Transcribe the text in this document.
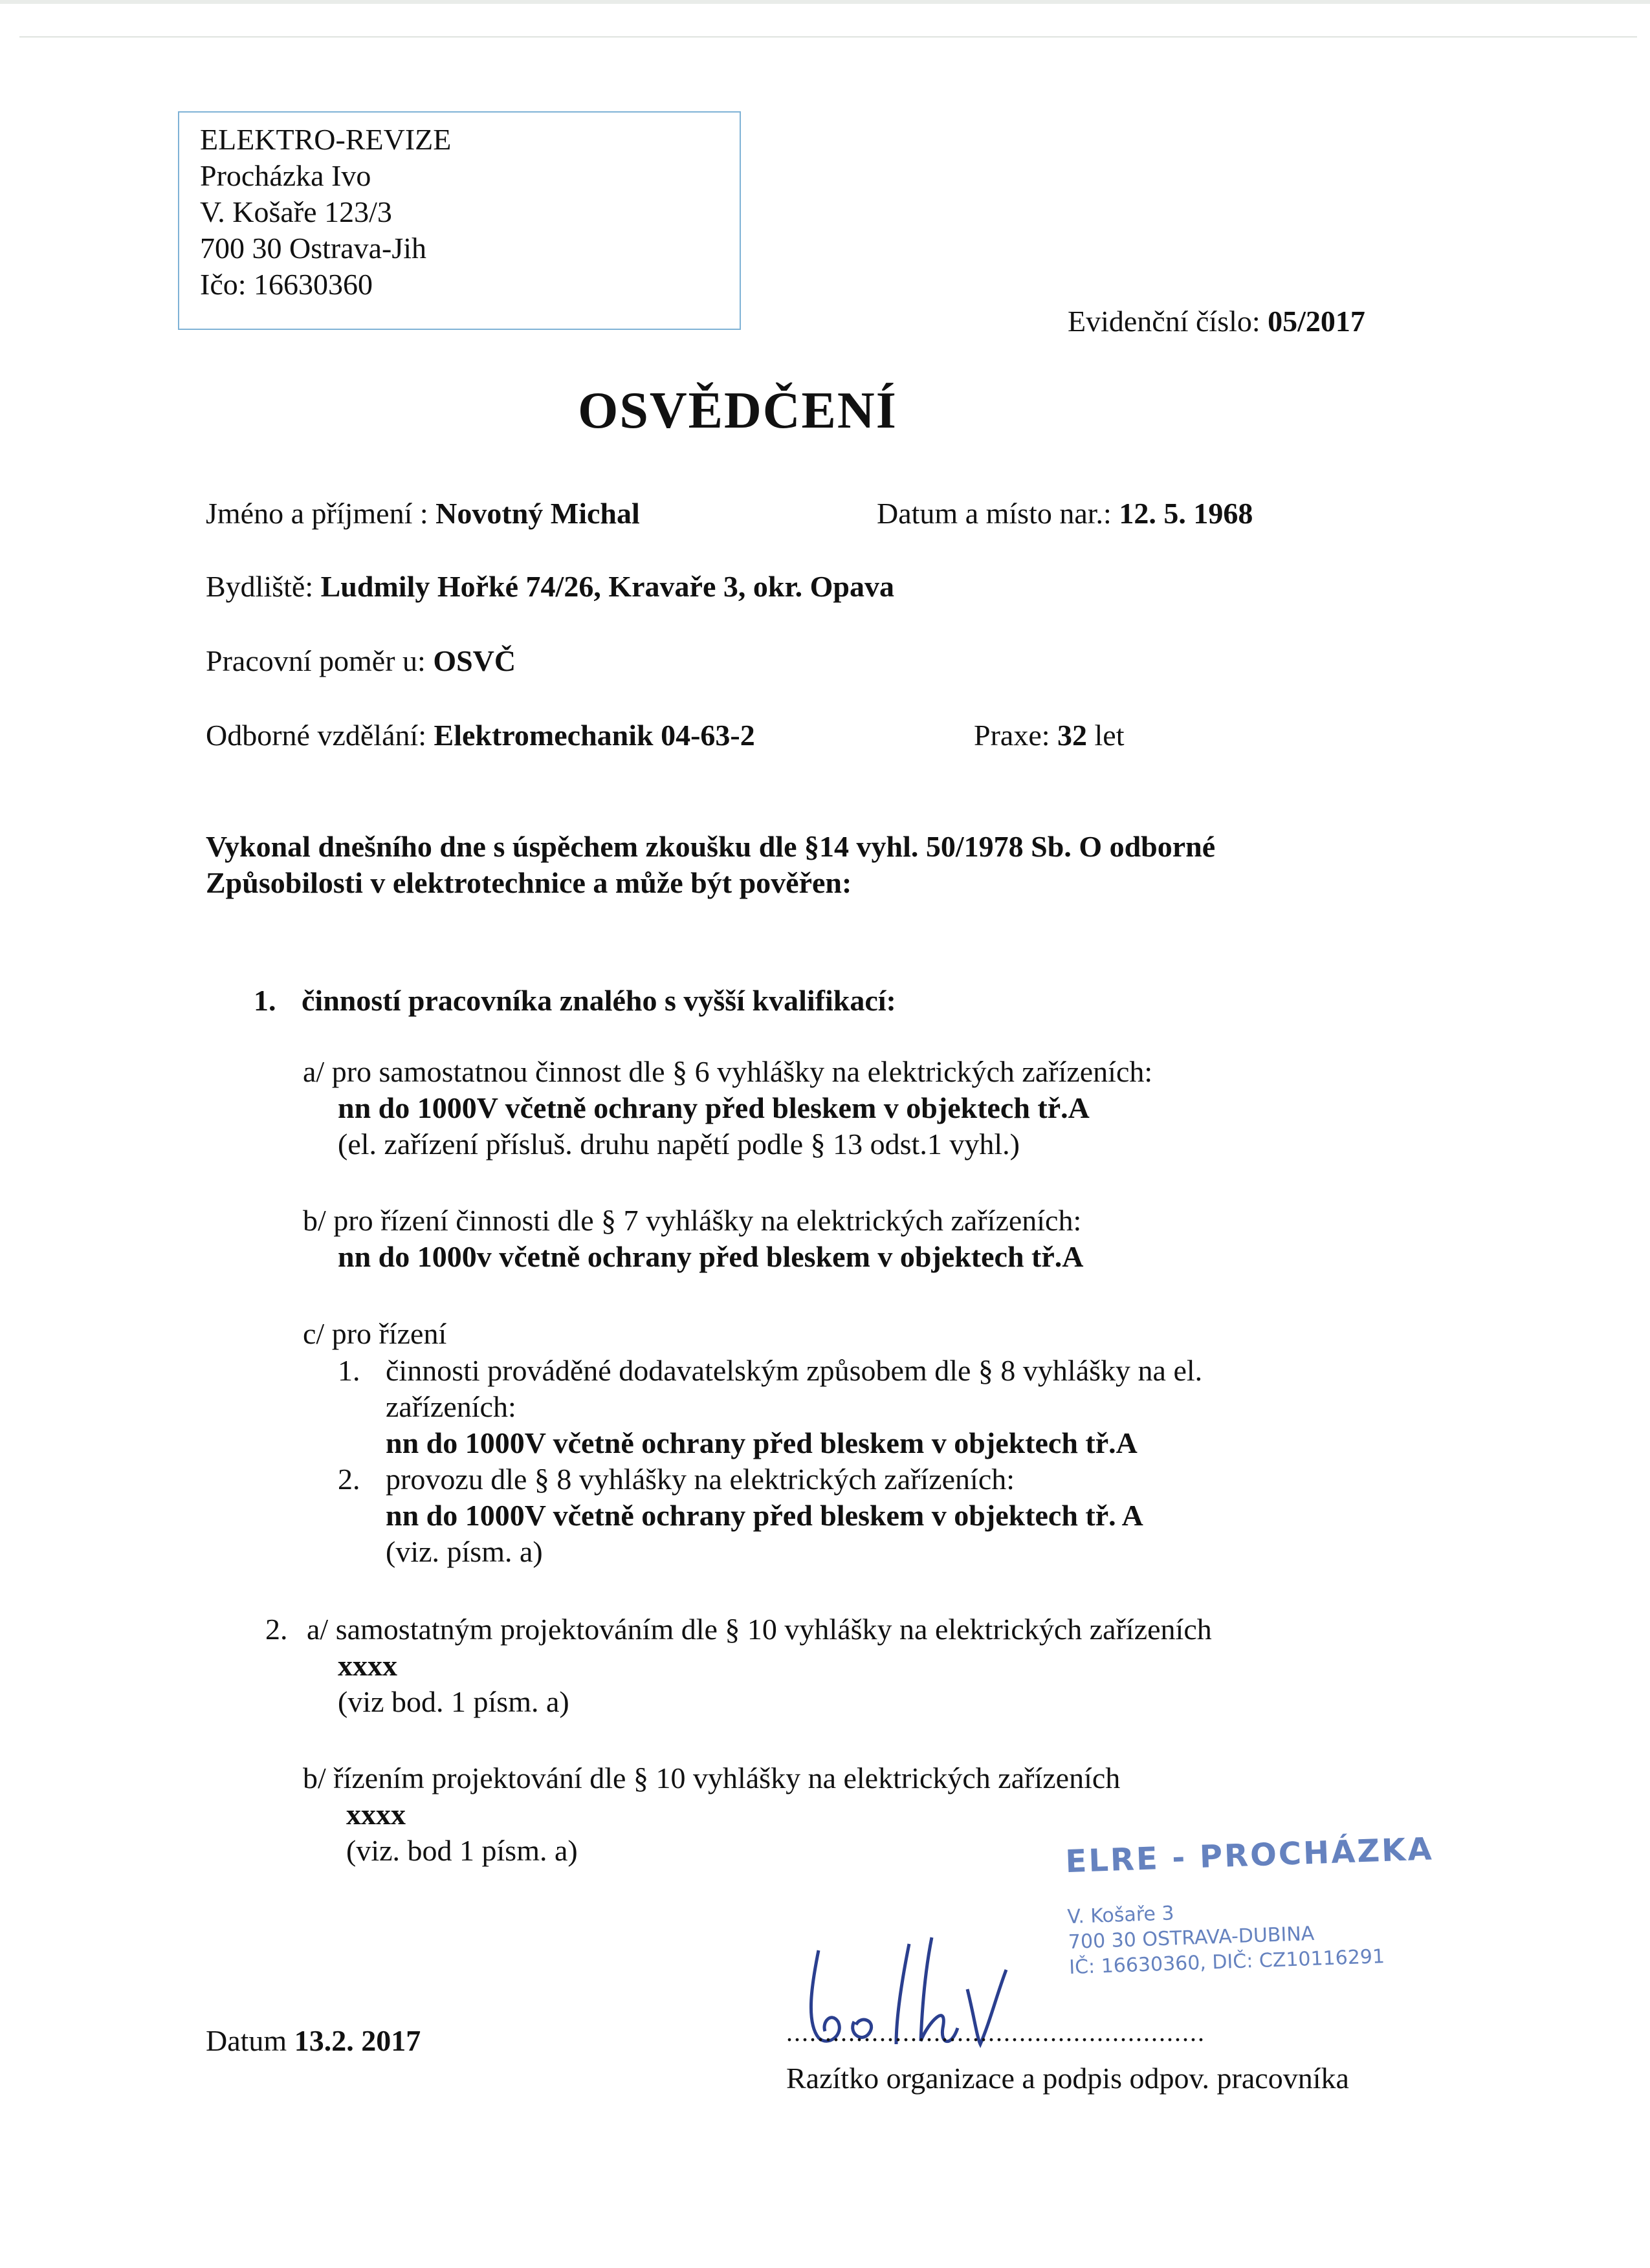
ELEKTRO-REVIZE
Procházka Ivo
V. Košaře 123/3
700 30 Ostrava-Jih
Ičo: 16630360
Evidenční číslo: 05/2017
OSVĚDČENÍ
Jméno a příjmení : Novotný Michal	Datum a místo nar.: 12. 5. 1968
Bydliště: Ludmily Hořké 74/26, Kravaře 3, okr. Opava
Pracovní poměr u: OSVČ
Odborné vzdělání: Elektromechanik 04-63-2	Praxe: 32 let
Vykonal dnešního dne s úspěchem zkoušku dle §14 vyhl. 50/1978 Sb. O odborné
Způsobilosti v elektrotechnice a může být pověřen:
1. činností pracovníka znalého s vyšší kvalifikací:
a/ pro samostatnou činnost dle § 6 vyhlášky na elektrických zařízeních:
nn do 1000V včetně ochrany před bleskem v objektech tř.A
(el. zařízení přísluš. druhu napětí podle § 13 odst.1 vyhl.)
b/ pro řízení činnosti dle § 7 vyhlášky na elektrických zařízeních:
nn do 1000v včetně ochrany před bleskem v objektech tř.A
c/ pro řízení
1. činnosti prováděné dodavatelským způsobem dle § 8 vyhlášky na el.
zařízeních:
nn do 1000V včetně ochrany před bleskem v objektech tř.A
2. provozu dle § 8 vyhlášky na elektrických zařízeních:
nn do 1000V včetně ochrany před bleskem v objektech tř. A
(viz. písm. a)
2. a/ samostatným projektováním dle § 10 vyhlášky na elektrických zařízeních
xxxx
(viz bod. 1 písm. a)
b/ řízením projektování dle § 10 vyhlášky na elektrických zařízeních
xxxx
(viz. bod 1 písm. a)	ELRE - PROCHÁZKA
V. Košaře 3
700 30 OSTRAVA-DUBINA
IČ: 16630360, DIČ: CZ10116291
Datum 13.2. 2017	......................................................
Razítko organizace a podpis odpov. pracovníka
